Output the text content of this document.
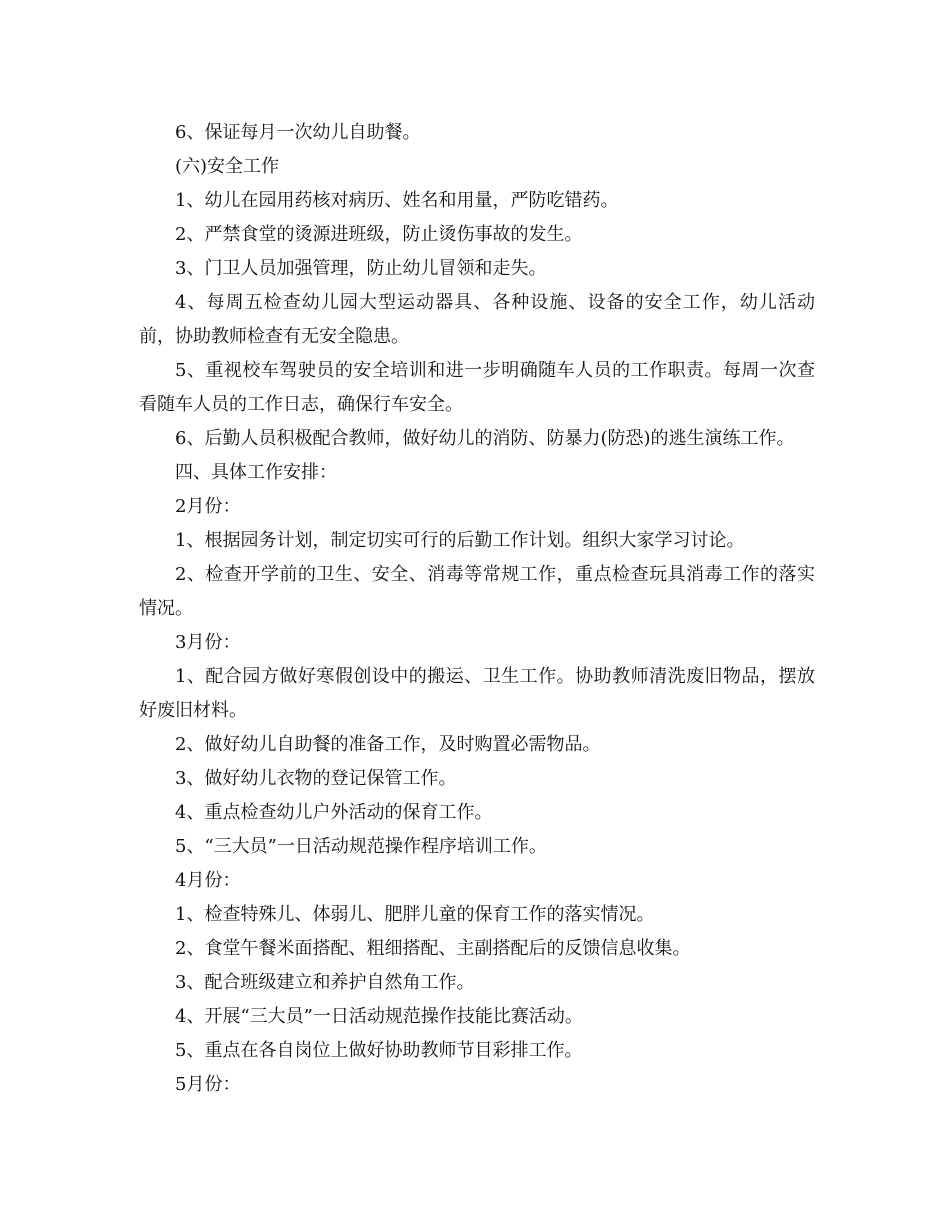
6、保证每月一次幼儿自助餐。

(六)安全工作

1、幼儿在园用药核对病历、姓名和用量，严防吃错药。

2、严禁食堂的烫源进班级，防止烫伤事故的发生。

3、门卫人员加强管理，防止幼儿冒领和走失。

4、每周五检查幼儿园大型运动器具、各种设施、设备的安全工作，幼儿活动前，协助教师检查有无安全隐患。

5、重视校车驾驶员的安全培训和进一步明确随车人员的工作职责。每周一次查看随车人员的工作日志，确保行车安全。

6、后勤人员积极配合教师，做好幼儿的消防、防暴力(防恐)的逃生演练工作。

四、具体工作安排：

2月份：

1、根据园务计划，制定切实可行的后勤工作计划。组织大家学习讨论。

2、检查开学前的卫生、安全、消毒等常规工作，重点检查玩具消毒工作的落实情况。

3月份：

1、配合园方做好寒假创设中的搬运、卫生工作。协助教师清洗废旧物品，摆放好废旧材料。

2、做好幼儿自助餐的准备工作，及时购置必需物品。

3、做好幼儿衣物的登记保管工作。

4、重点检查幼儿户外活动的保育工作。

5、“三大员”一日活动规范操作程序培训工作。

4月份：

1、检查特殊儿、体弱儿、肥胖儿童的保育工作的落实情况。

2、食堂午餐米面搭配、粗细搭配、主副搭配后的反馈信息收集。

3、配合班级建立和养护自然角工作。

4、开展“三大员”一日活动规范操作技能比赛活动。

5、重点在各自岗位上做好协助教师节目彩排工作。

5月份：
